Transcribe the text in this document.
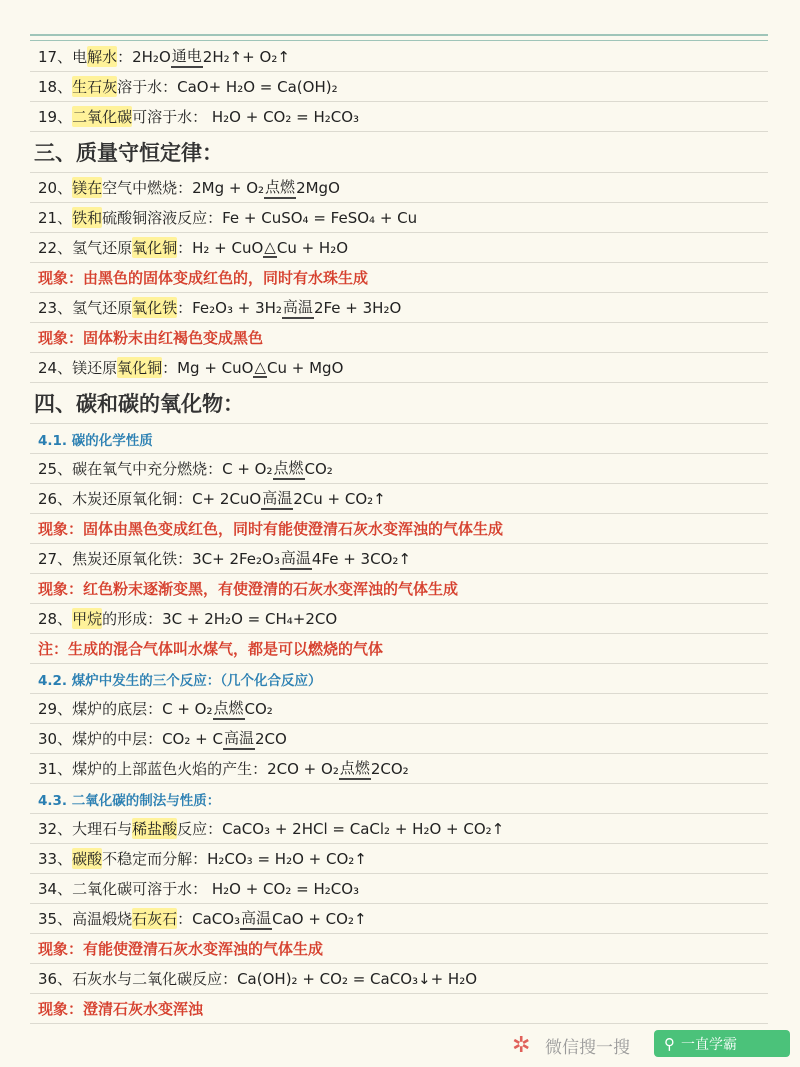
17、电 解水 ：2H₂O 通电 2H₂↑+ O₂↑
18、 生石灰 溶于水：CaO+ H₂O = Ca(OH)₂
19、 二氧化碳 可溶于水： H₂O + CO₂ = H₂CO₃
三、质量守恒定律：
20、 镁在 空气中燃烧：2Mg + O₂ 点燃 2MgO
21、 铁和 硫酸铜溶液反应：Fe + CuSO₄ = FeSO₄ + Cu
22、氢气还原 氧化铜 ：H₂ + CuO △ Cu + H₂O
现象：由黑色的固体变成红色的，同时有水珠生成
23、氢气还原 氧化铁 ：Fe₂O₃ + 3H₂ 高温 2Fe + 3H₂O
现象：固体粉末由红褐色变成黑色
24、镁还原 氧化铜 ：Mg + CuO △ Cu + MgO
四、碳和碳的氧化物：
4.1. 碳的化学性质
25、碳在氧气中充分燃烧：C + O₂ 点燃 CO₂
26、木炭还原氧化铜：C+ 2CuO 高温 2Cu + CO₂↑
现象：固体由黑色变成红色，同时有能使澄清石灰水变浑浊的气体生成
27、焦炭还原氧化铁：3C+ 2Fe₂O₃ 高温 4Fe + 3CO₂↑
现象：红色粉末逐渐变黑，有使澄清的石灰水变浑浊的气体生成
28、 甲烷 的形成：3C + 2H₂O = CH₄+2CO
注：生成的混合气体叫水煤气，都是可以燃烧的气体
4.2. 煤炉中发生的三个反应：（几个化合反应）
29、煤炉的底层：C + O₂ 点燃 CO₂
30、煤炉的中层：CO₂ + C 高温 2CO
31、煤炉的上部蓝色火焰的产生：2CO + O₂ 点燃 2CO₂
4.3. 二氧化碳的制法与性质：
32、大理石与 稀盐酸 反应：CaCO₃ + 2HCl = CaCl₂ + H₂O + CO₂↑
33、 碳酸 不稳定而分解：H₂CO₃ = H₂O + CO₂↑
34、二氧化碳可溶于水： H₂O + CO₂ = H₂CO₃
35、高温煅烧 石灰石 ：CaCO₃ 高温 CaO + CO₂↑
现象：有能使澄清石灰水变浑浊的气体生成
36、石灰水与二氧化碳反应：Ca(OH)₂ + CO₂ = CaCO₃↓+ H₂O
现象：澄清石灰水变浑浊
✲ 微信搜一搜 ⚲ 一直学霸
